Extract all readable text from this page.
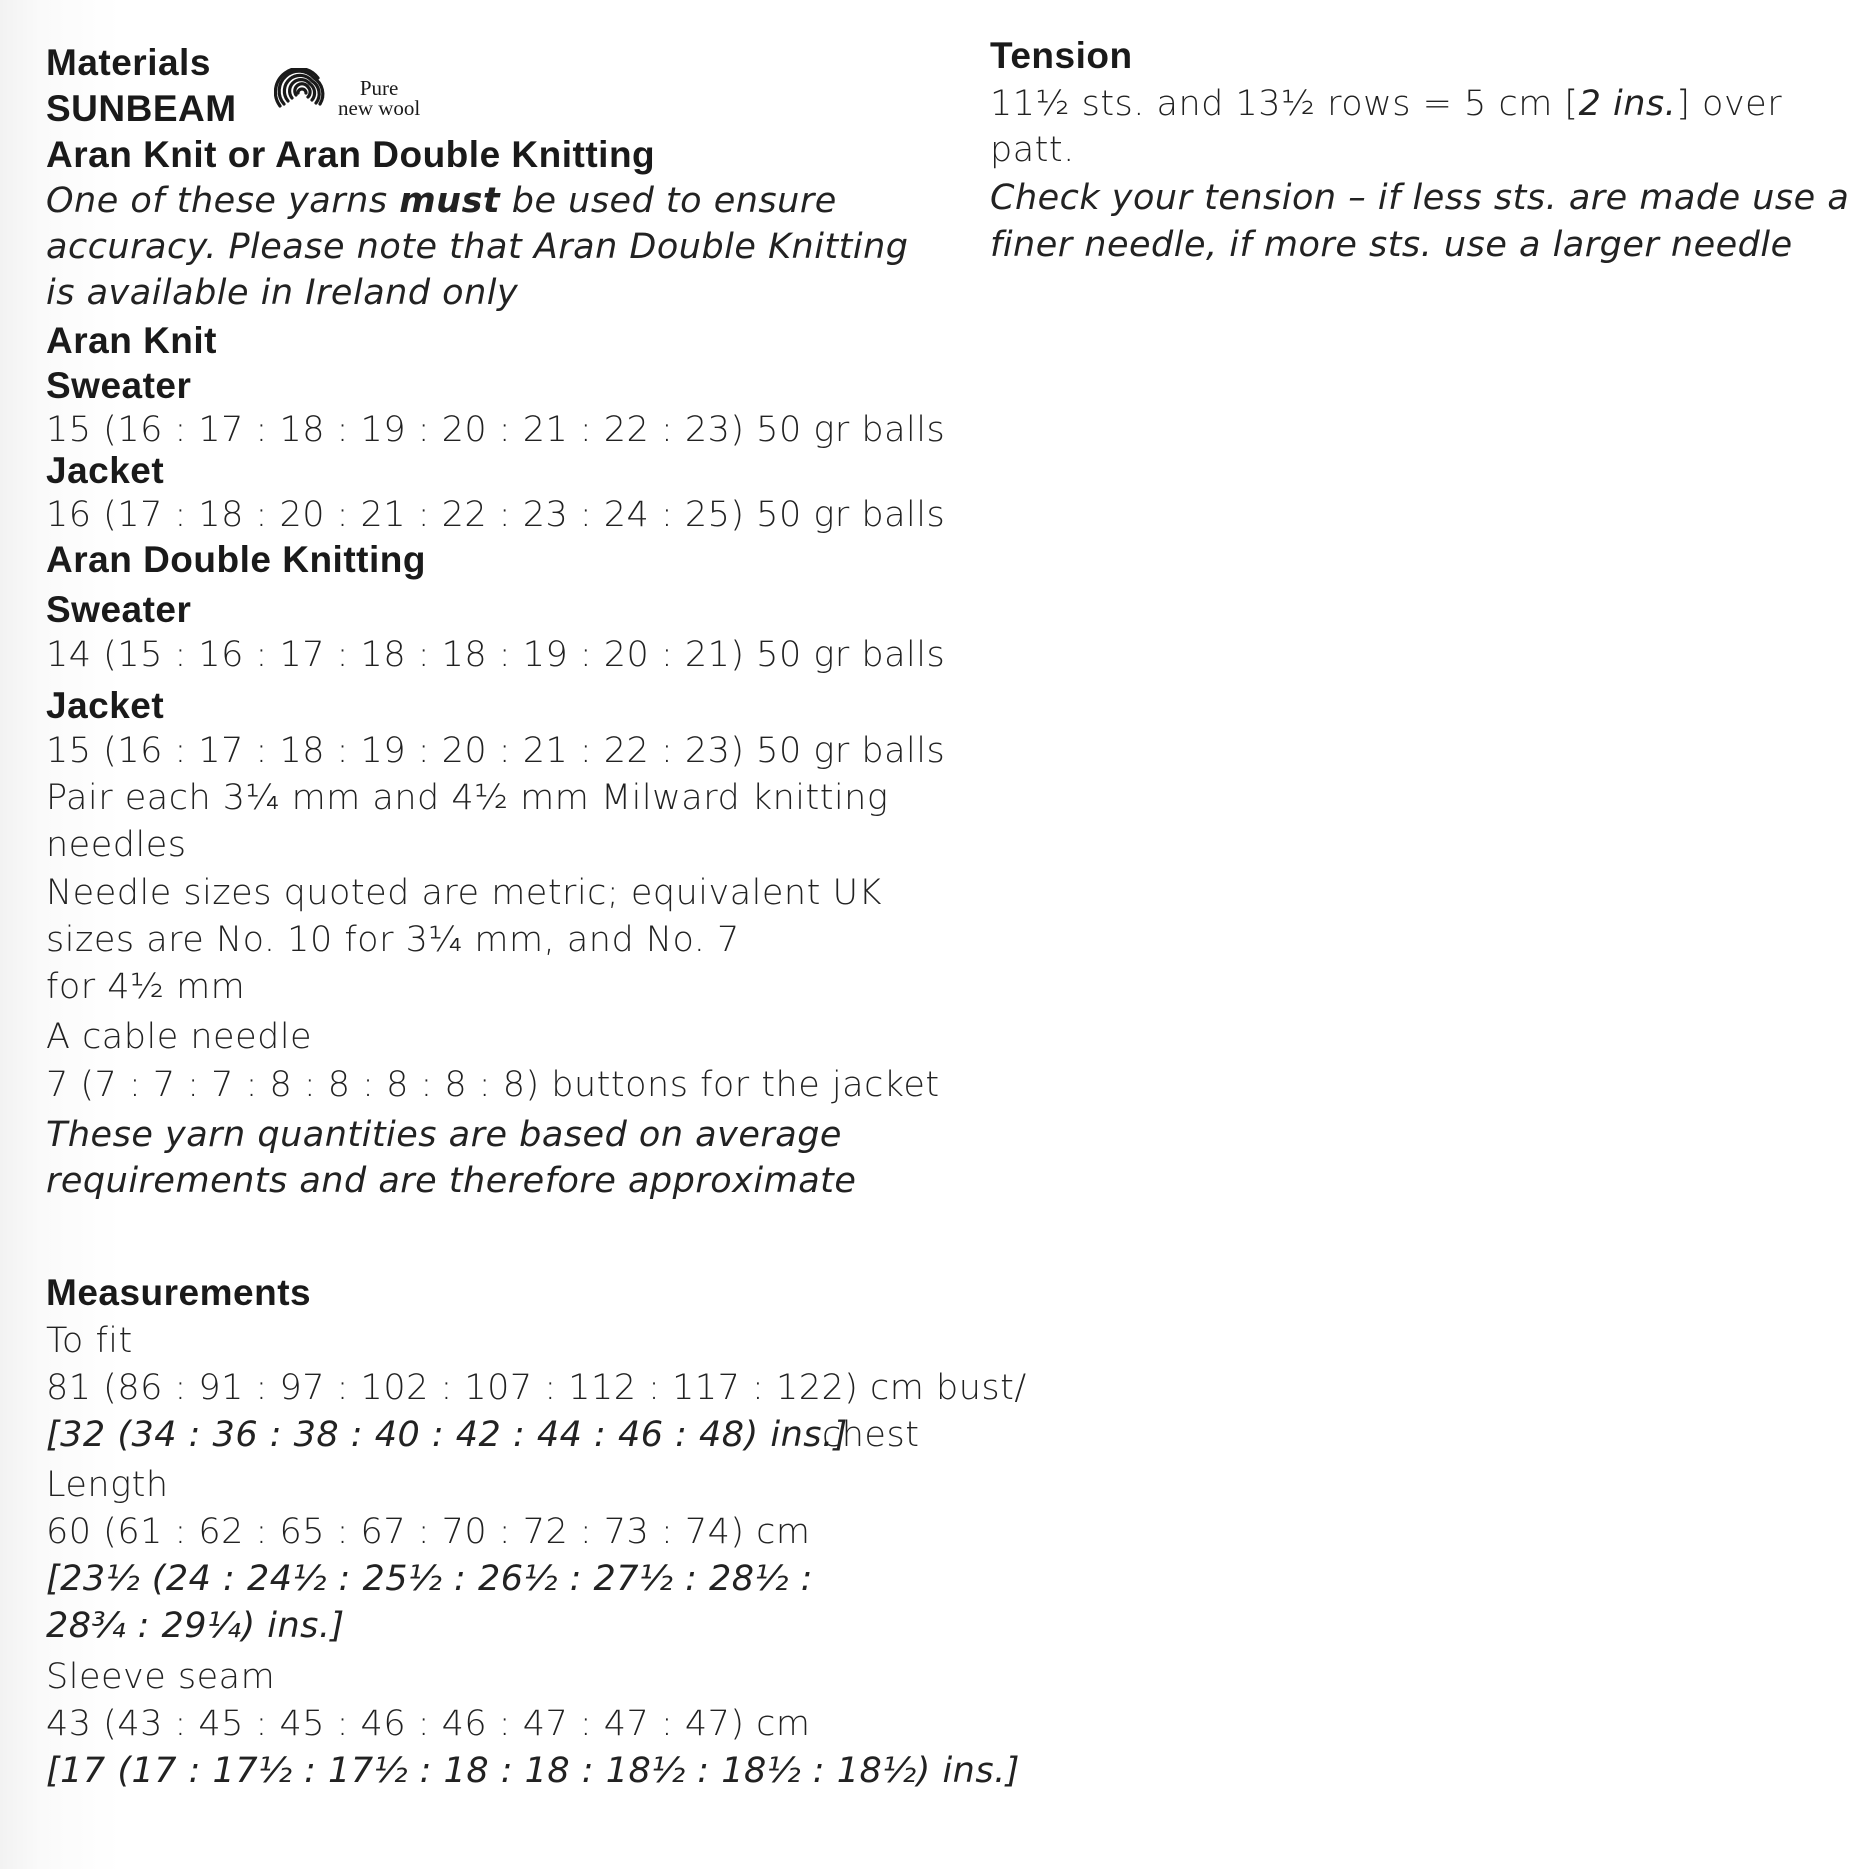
Materials
SUNBEAM	Pure
new wool
Aran Knit or Aran Double Knitting
One of these yarns must be used to ensure
accuracy. Please note that Aran Double Knitting
is available in Ireland only
Aran Knit
Sweater
15 (16 : 17 : 18 : 19 : 20 : 21 : 22 : 23) 50 gr balls
Jacket
16 (17 : 18 : 20 : 21 : 22 : 23 : 24 : 25) 50 gr balls
Aran Double Knitting
Sweater
14 (15 : 16 : 17 : 18 : 18 : 19 : 20 : 21) 50 gr balls
Jacket
15 (16 : 17 : 18 : 19 : 20 : 21 : 22 : 23) 50 gr balls
Pair each 3¼ mm and 4½ mm Milward knitting
needles
Needle sizes quoted are metric; equivalent UK
sizes are No. 10 for 3¼ mm, and No. 7
for 4½ mm
A cable needle
7 (7 : 7 : 7 : 8 : 8 : 8 : 8 : 8) buttons for the jacket
These yarn quantities are based on average
requirements and are therefore approximate
Measurements
To fit
81 (86 : 91 : 97 : 102 : 107 : 112 : 117 : 122) cm bust/
[32 (34 : 36 : 38 : 40 : 42 : 44 : 46 : 48) ins.]
chest
Length
60 (61 : 62 : 65 : 67 : 70 : 72 : 73 : 74) cm
[23½ (24 : 24½ : 25½ : 26½ : 27½ : 28½ :
28¾ : 29¼) ins.]
Sleeve seam
43 (43 : 45 : 45 : 46 : 46 : 47 : 47 : 47) cm
[17 (17 : 17½ : 17½ : 18 : 18 : 18½ : 18½ : 18½) ins.]
Tension
11½ sts. and 13½ rows = 5 cm [2 ins.] over
patt.
Check your tension – if less sts. are made use a
finer needle, if more sts. use a larger needle
